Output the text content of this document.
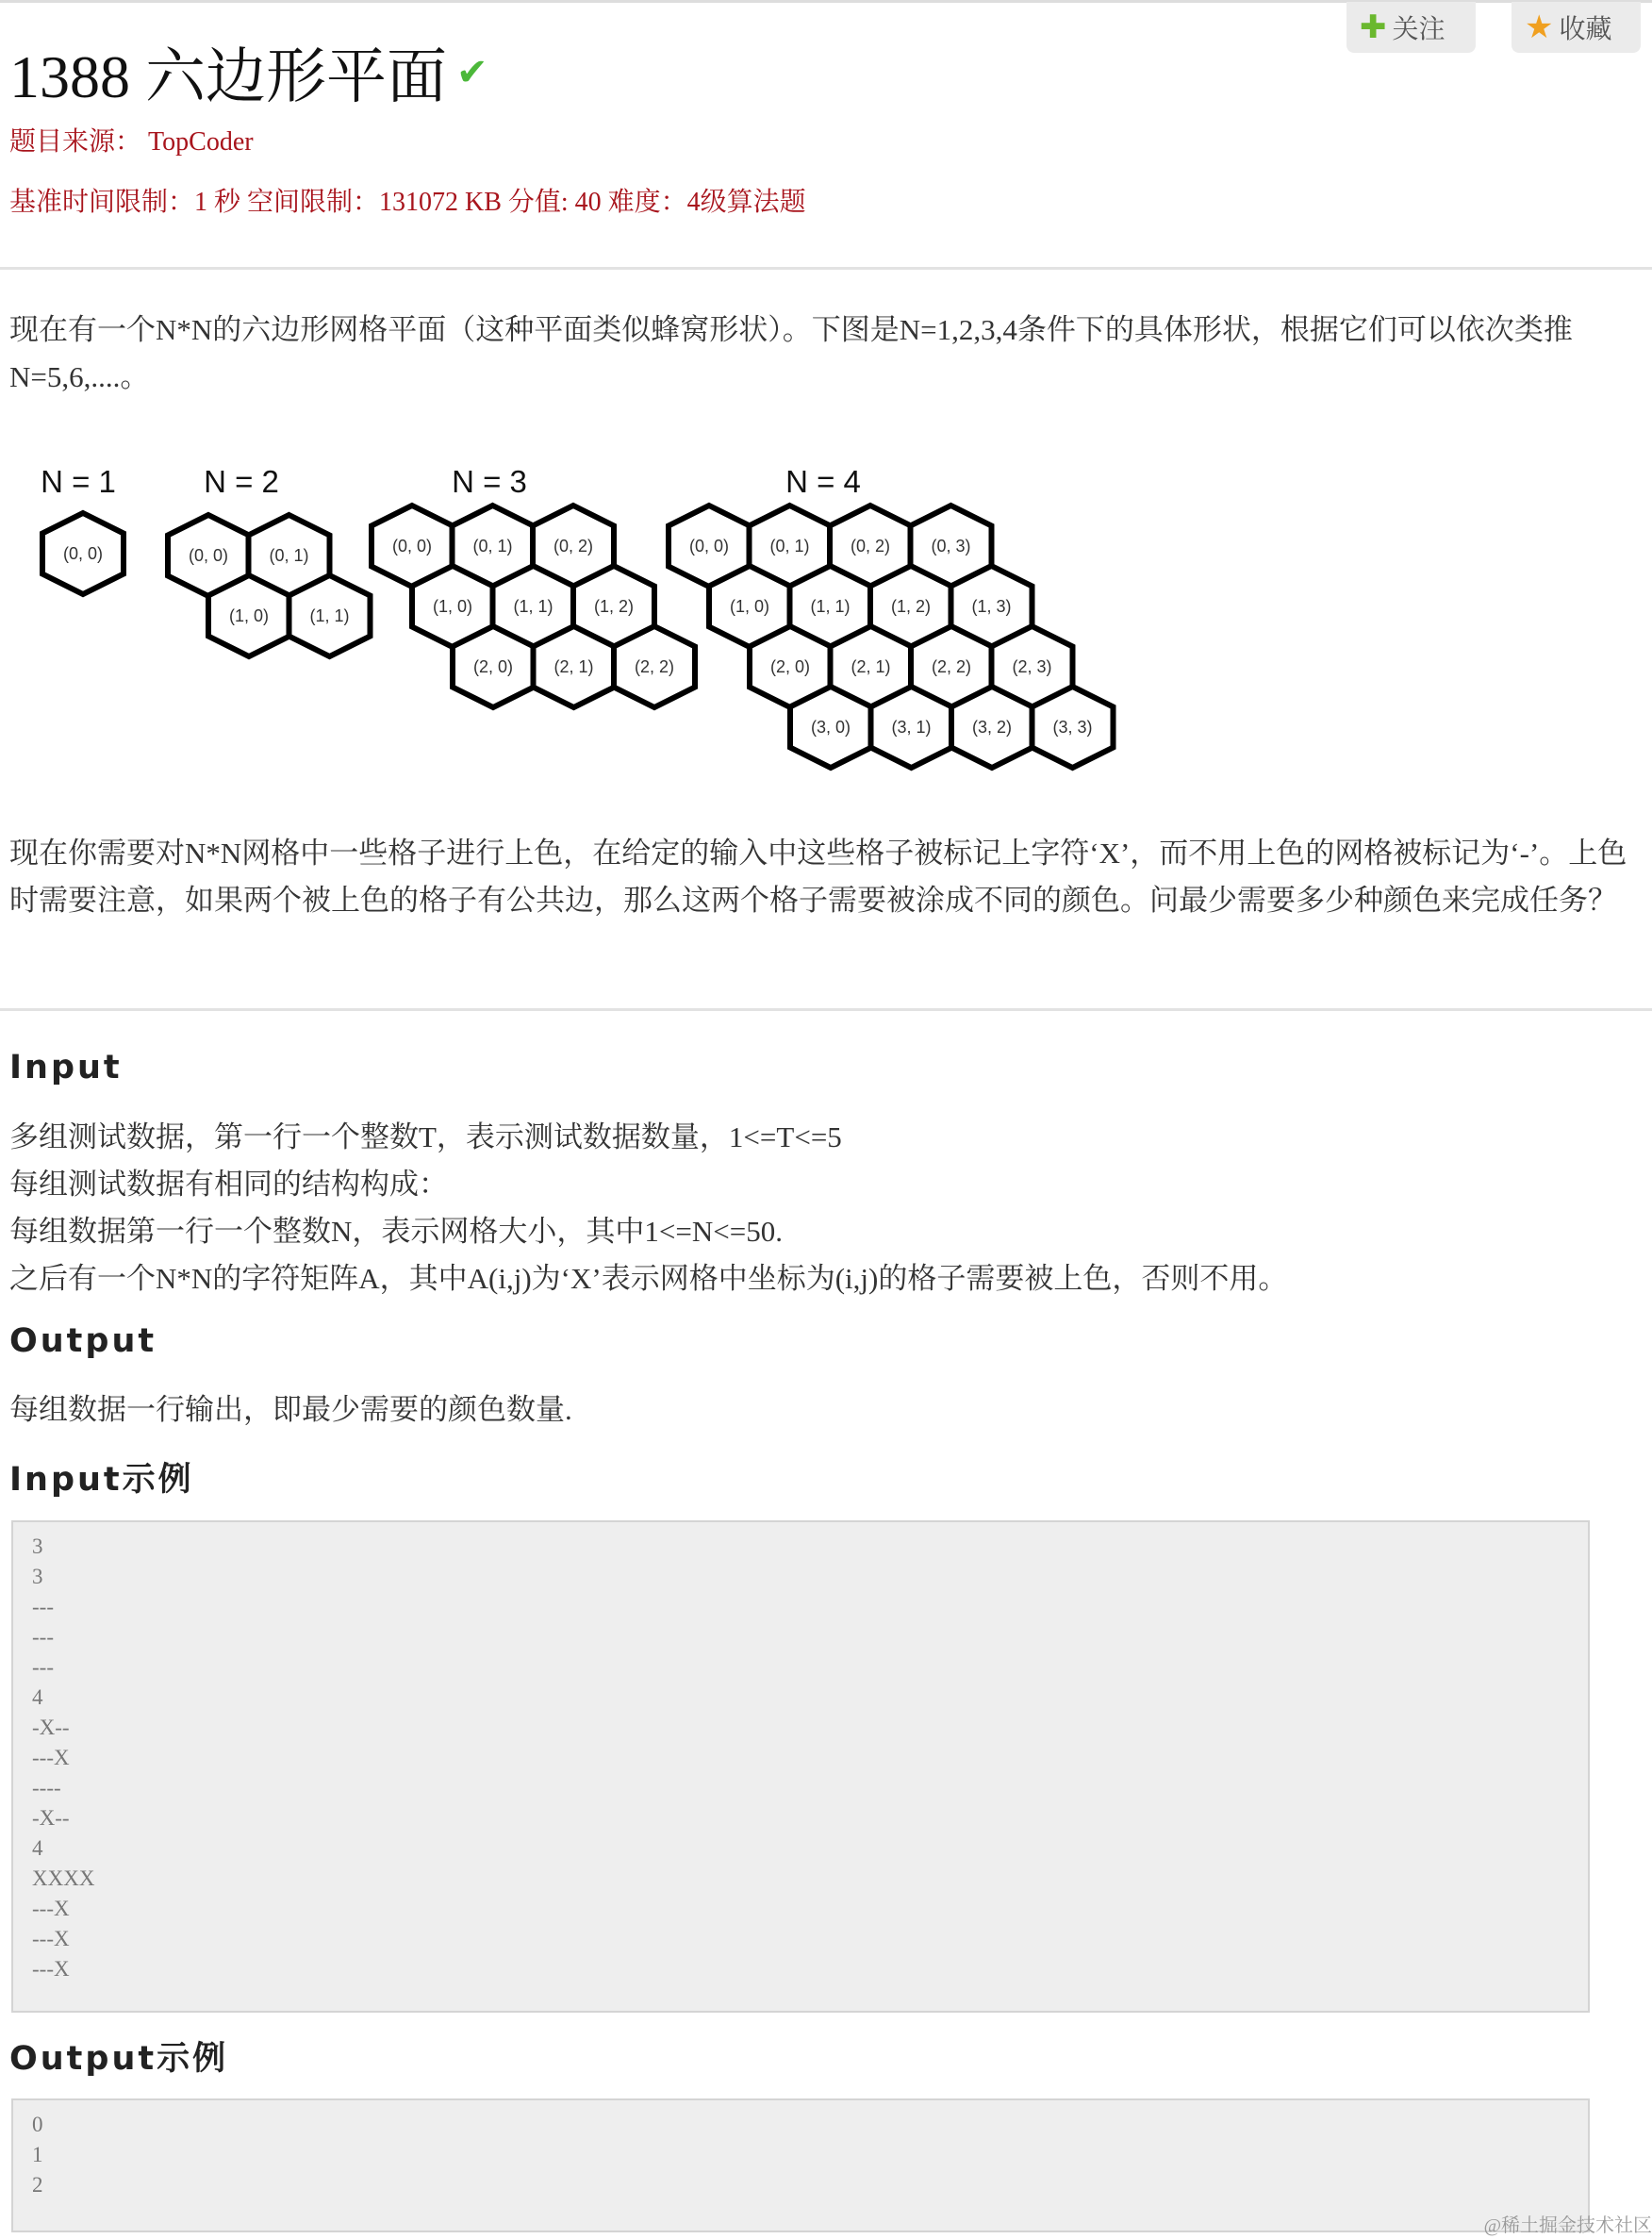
✚ 关注 ★ 收藏
1388 六边形平面 ✔
题目来源： TopCoder
基准时间限制：1 秒 空间限制：131072 KB 分值: 40 难度：4级算法题
现在有一个N*N的六边形网格平面（这种平面类似蜂窝形状）。下图是N=1,2,3,4条件下的具体形状，根据它们可以依次类推N=5,6,....。
N = 1
(0, 0)
N = 2
(0, 0) (0, 1)
(1, 0) (1, 1)
N = 3
(0, 0) (0, 1) (0, 2)
(1, 0) (1, 1) (1, 2)
(2, 0) (2, 1) (2, 2)
N = 4
(0, 0) (0, 1) (0, 2) (0, 3)
(1, 0) (1, 1) (1, 2) (1, 3)
(2, 0) (2, 1) (2, 2) (2, 3)
(3, 0) (3, 1) (3, 2) (3, 3)
现在你需要对N*N网格中一些格子进行上色，在给定的输入中这些格子被标记上字符‘X’，而不用上色的网格被标记为‘-’。上色时需要注意，如果两个被上色的格子有公共边，那么这两个格子需要被涂成不同的颜色。问最少需要多少种颜色来完成任务？
Input
多组测试数据，第一行一个整数T，表示测试数据数量，1<=T<=5
每组测试数据有相同的结构构成：
每组数据第一行一个整数N，表示网格大小，其中1<=N<=50.
之后有一个N*N的字符矩阵A，其中A(i,j)为‘X’表示网格中坐标为(i,j)的格子需要被上色，否则不用。
Output
每组数据一行输出，即最少需要的颜色数量.
Input示例
3
3
---
---
---
4
-X--
---X
----
-X--
4
XXXX
---X
---X
---X
Output示例
0
1
2
@稀土掘金技术社区
